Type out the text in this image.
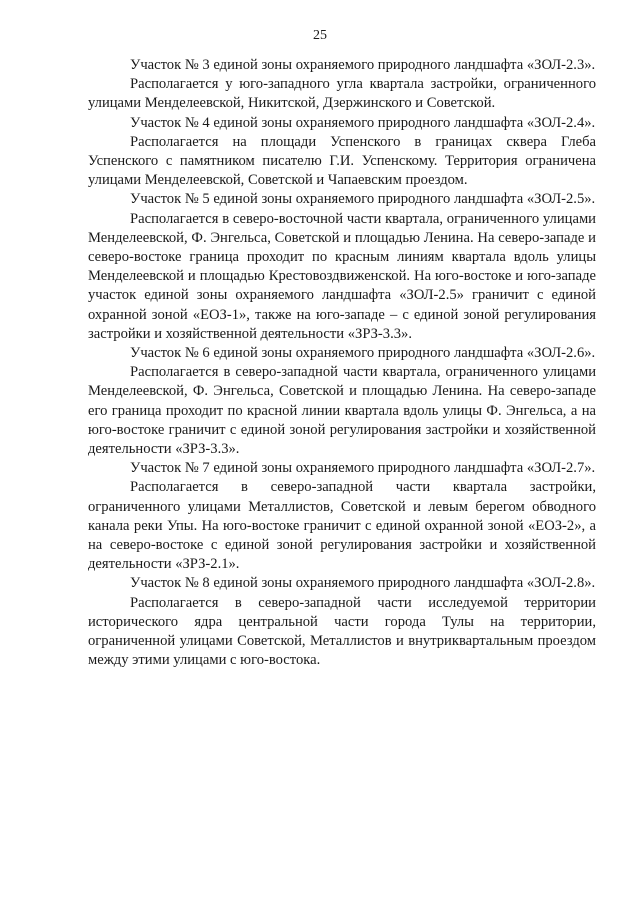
25

Участок № 3 единой зоны охраняемого природного ландшафта «ЗОЛ-2.3».

Располагается у юго-западного угла квартала застройки, ограниченного улицами Менделеевской, Никитской, Дзержинского и Советской.

Участок № 4 единой зоны охраняемого природного ландшафта «ЗОЛ-2.4».

Располагается на площади Успенского в границах сквера Глеба Успенского с памятником писателю Г.И. Успенскому. Территория ограничена улицами Менделеевской, Советской и Чапаевским проездом.

Участок № 5 единой зоны охраняемого природного ландшафта «ЗОЛ-2.5».

Располагается в северо-восточной части квартала, ограниченного улицами Менделеевской, Ф. Энгельса, Советской и площадью Ленина. На северо-западе и северо-востоке граница проходит по красным линиям квартала вдоль улицы Менделеевской и площадью Крестовоздвиженской. На юго-востоке и юго-западе участок единой зоны охраняемого ландшафта «ЗОЛ-2.5» граничит с единой охранной зоной «ЕОЗ-1», также на юго-западе – с единой зоной регулирования застройки и хозяйственной деятельности «ЗРЗ-3.3».

Участок № 6 единой зоны охраняемого природного ландшафта «ЗОЛ-2.6».

Располагается в северо-западной части квартала, ограниченного улицами Менделеевской, Ф. Энгельса, Советской и площадью Ленина. На северо-западе его граница проходит по красной линии квартала вдоль улицы Ф. Энгельса, а на юго-востоке граничит с единой зоной регулирования застройки и хозяйственной деятельности «ЗРЗ-3.3».

Участок № 7 единой зоны охраняемого природного ландшафта «ЗОЛ-2.7».

Располагается в северо-западной части квартала застройки, ограниченного улицами Металлистов, Советской и левым берегом обводного канала реки Упы. На юго-востоке граничит с единой охранной зоной «ЕОЗ-2», а на северо-востоке с единой зоной регулирования застройки и хозяйственной деятельности «ЗРЗ-2.1».

Участок № 8 единой зоны охраняемого природного ландшафта «ЗОЛ-2.8».

Располагается в северо-западной части исследуемой территории исторического ядра центральной части города Тулы на территории, ограниченной улицами Советской, Металлистов и внутриквартальным проездом между этими улицами с юго-востока.
